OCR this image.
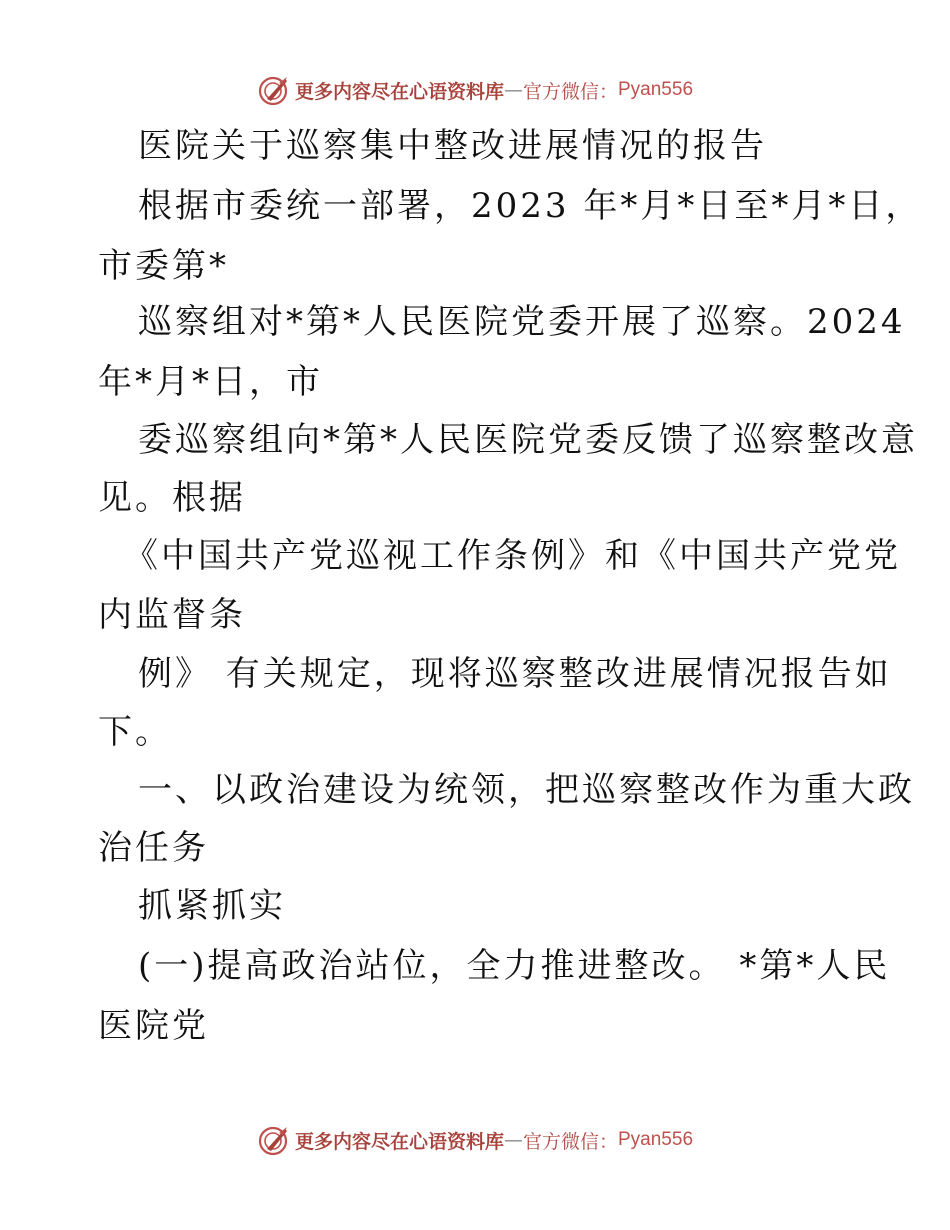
更多内容尽在心语资料库 — 官方微信： Pyan556
医院关于巡察集中整改进展情况的报告
根据市委统一部署，2023 年*月*日至*月*日，
市委第*
巡察组对*第*人民医院党委开展了巡察。2024
年*月*日，市
委巡察组向*第*人民医院党委反馈了巡察整改意
见。根据
《中国共产党巡视工作条例》和《中国共产党党
内监督条
例》 有关规定，现将巡察整改进展情况报告如
下。
一、以政治建设为统领，把巡察整改作为重大政
治任务
抓紧抓实
(一)提高政治站位，全力推进整改。 *第*人民
医院党
更多内容尽在心语资料库 — 官方微信： Pyan556
